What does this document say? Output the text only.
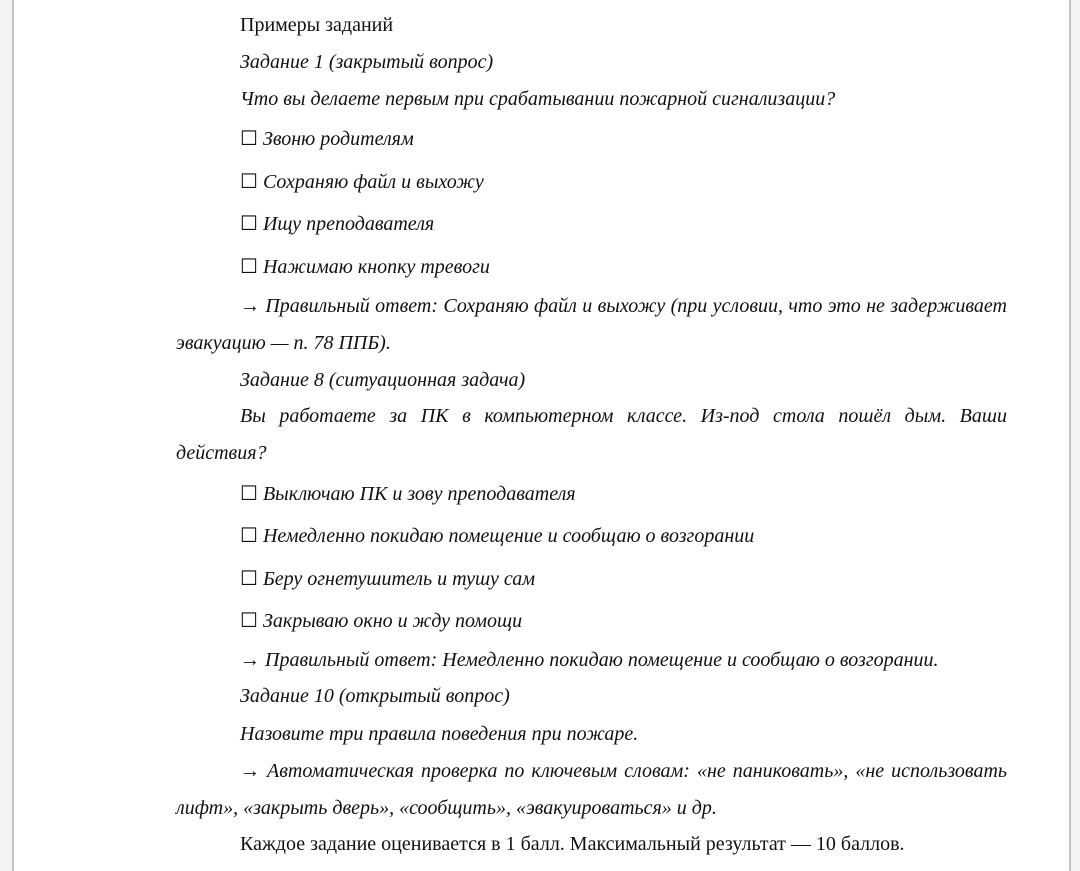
Примеры заданий
Задание 1 (закрытый вопрос)
Что вы делаете первым при срабатывании пожарной сигнализации?
☐ Звоню родителям
☐ Сохраняю файл и выхожу
☐ Ищу преподавателя
☐ Нажимаю кнопку тревоги
→ Правильный ответ: Сохраняю файл и выхожу (при условии, что это не задерживает эвакуацию — п. 78 ППБ).
Задание 8 (ситуационная задача)
Вы работаете за ПК в компьютерном классе. Из-под стола пошёл дым. Ваши действия?
☐ Выключаю ПК и зову преподавателя
☐ Немедленно покидаю помещение и сообщаю о возгорании
☐ Беру огнетушитель и тушу сам
☐ Закрываю окно и жду помощи
→ Правильный ответ: Немедленно покидаю помещение и сообщаю о возгорании.
Задание 10 (открытый вопрос)
Назовите три правила поведения при пожаре.
→ Автоматическая проверка по ключевым словам: «не паниковать», «не использовать лифт», «закрыть дверь», «сообщить», «эвакуироваться» и др.
Каждое задание оценивается в 1 балл. Максимальный результат — 10 баллов.
